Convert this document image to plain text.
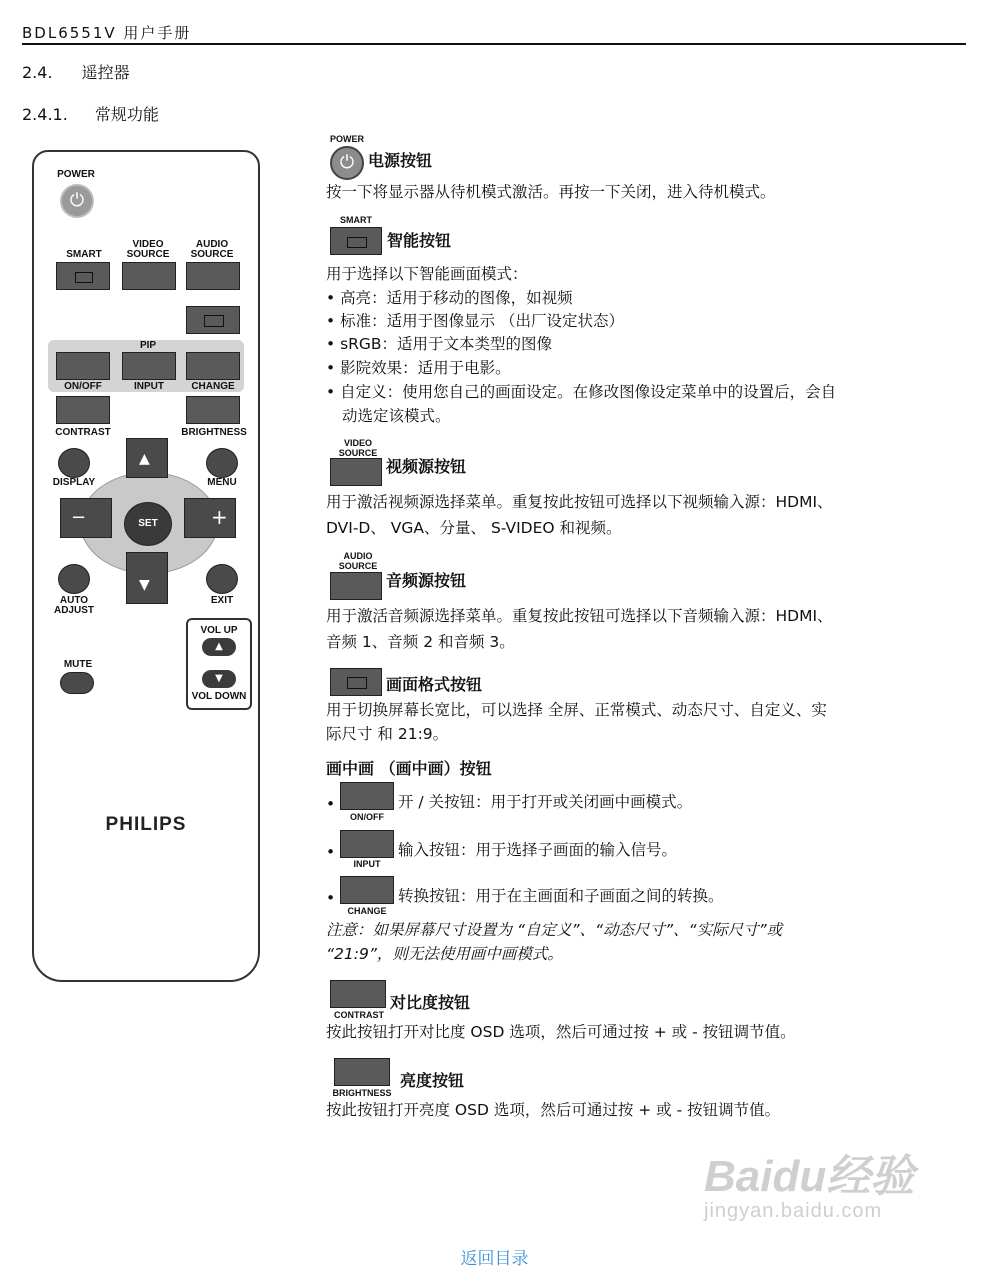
BDL6551V 用户手册
2.4. 遥控器
2.4.1. 常规功能
POWER
⏻
SMART
VIDEO
SOURCE
AUDIO
SOURCE
PIP
ON/OFF	INPUT	CHANGE
CONTRAST	BRIGHTNESS
▲
−	+
SET
▼
DISPLAY	MENU
AUTO
ADJUST
EXIT
VOL UP
▲
▼
VOL DOWN
MUTE
PHILIPS
POWER
⏻ 电源按钮
按一下将显示器从待机模式激活。再按一下关闭，进入待机模式。
SMART
智能按钮
用于选择以下智能画面模式：
• 高亮：适用于移动的图像，如视频
• 标准：适用于图像显示 （出厂设定状态）
• sRGB：适用于文本类型的图像
• 影院效果：适用于电影。
• 自定义：使用您自己的画面设定。在修改图像设定菜单中的设置后，会自
动选定该模式。
VIDEO
SOURCE
视频源按钮
用于激活视频源选择菜单。重复按此按钮可选择以下视频输入源：HDMI、
DVI-D、 VGA、分量、 S-VIDEO 和视频。
AUDIO
SOURCE
音频源按钮
用于激活音频源选择菜单。重复按此按钮可选择以下音频输入源：HDMI、
音频 1、音频 2 和音频 3。
画面格式按钮
用于切换屏幕长宽比，可以选择 全屏、正常模式、动态尺寸、自定义、实
际尺寸 和 21:9。
画中画 （画中画）按钮
•
ON/OFF
开 / 关按钮：用于打开或关闭画中画模式。
•
INPUT
输入按钮：用于选择子画面的输入信号。
•
CHANGE
转换按钮：用于在主画面和子画面之间的转换。
注意：如果屏幕尺寸设置为 “自定义”、“动态尺寸”、“实际尺寸”或
“21:9”，则无法使用画中画模式。
CONTRAST
对比度按钮
按此按钮打开对比度 OSD 选项，然后可通过按 + 或 - 按钮调节值。
BRIGHTNESS
亮度按钮
按此按钮打开亮度 OSD 选项，然后可通过按 + 或 - 按钮调节值。
Baidu经验
jingyan.baidu.com
返回目录
